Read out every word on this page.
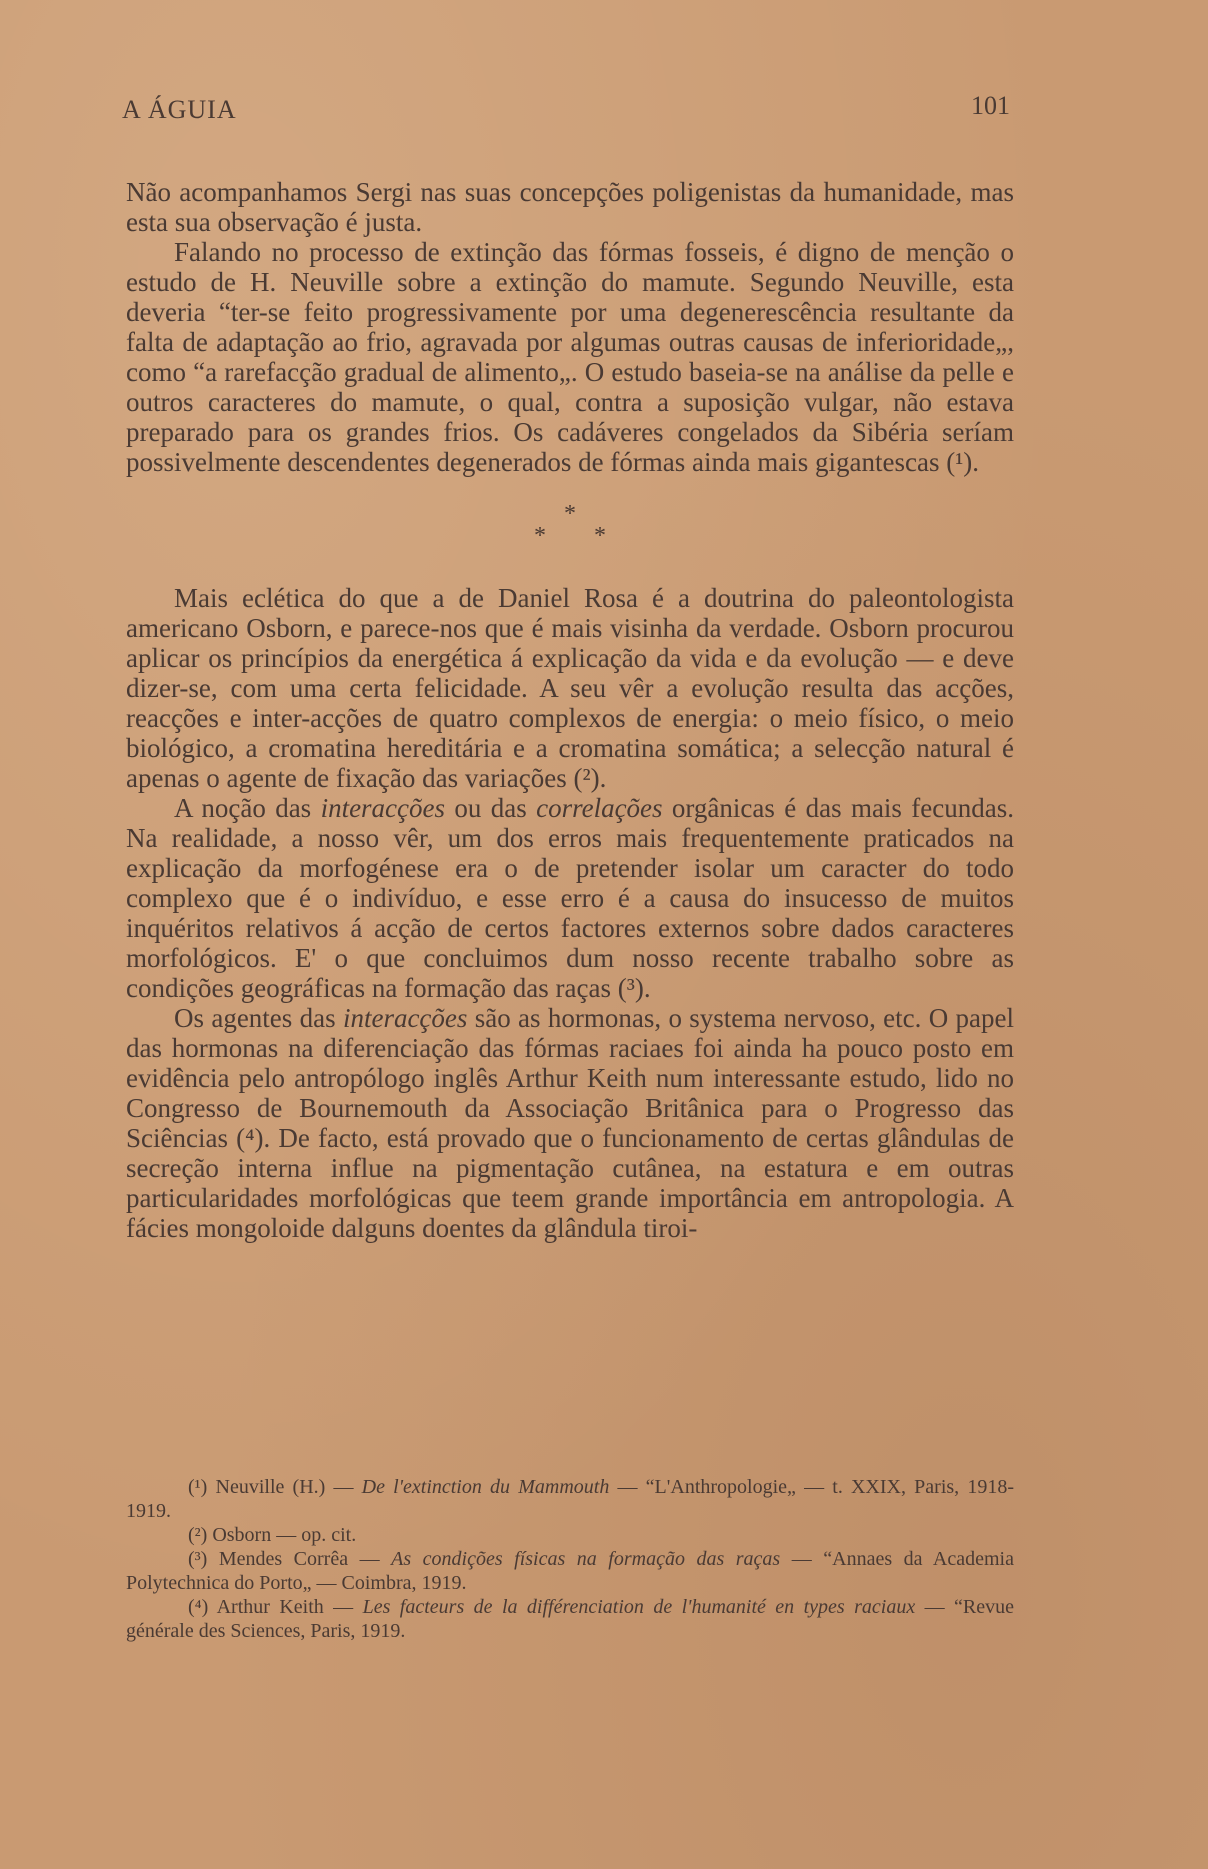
A ÁGUIA	101

Não acompanhamos Sergi nas suas concepções poligenistas da humanidade, mas esta sua observação é justa.

Falando no processo de extinção das fórmas fosseis, é digno de menção o estudo de H. Neuville sobre a extinção do mamute. Segundo Neuville, esta deveria “ter-se feito progressivamente por uma degenerescência resultante da falta de adaptação ao frio, agravada por algumas outras causas de inferioridade„, como “a rarefacção gradual de alimento„. O estudo baseia-se na análise da pelle e outros caracteres do mamute, o qual, contra a suposição vulgar, não estava preparado para os grandes frios. Os cadáveres congelados da Sibéria seríam possivelmente descendentes degenerados de fórmas ainda mais gigantescas (¹).

*
* *

Mais eclética do que a de Daniel Rosa é a doutrina do paleontologista americano Osborn, e parece-nos que é mais visinha da verdade. Osborn procurou aplicar os princípios da energética á explicação da vida e da evolução — e deve dizer-se, com uma certa felicidade. A seu vêr a evolução resulta das acções, reacções e inter-acções de quatro complexos de energia: o meio físico, o meio biológico, a cromatina hereditária e a cromatina somática; a selecção natural é apenas o agente de fixação das variações (²).

A noção das interacções ou das correlações orgânicas é das mais fecundas. Na realidade, a nosso vêr, um dos erros mais frequentemente praticados na explicação da morfogénese era o de pretender isolar um caracter do todo complexo que é o indivíduo, e esse erro é a causa do insucesso de muitos inquéritos relativos á acção de certos factores externos sobre dados caracteres morfológicos. E' o que concluimos dum nosso recente trabalho sobre as condições geográficas na formação das raças (³).

Os agentes das interacções são as hormonas, o systema nervoso, etc. O papel das hormonas na diferenciação das fórmas raciaes foi ainda ha pouco posto em evidência pelo antropólogo inglês Arthur Keith num interessante estudo, lido no Congresso de Bournemouth da Associação Britânica para o Progresso das Sciências (⁴). De facto, está provado que o funcionamento de certas glândulas de secreção interna influe na pigmentação cutânea, na estatura e em outras particularidades morfológicas que teem grande importância em antropologia. A fácies mongoloide dalguns doentes da glândula tiroi-

(¹) Neuville (H.) — De l'extinction du Mammouth — “L'Anthropologie„ — t. XXIX, Paris, 1918-1919.

(²) Osborn — op. cit.

(³) Mendes Corrêa — As condições físicas na formação das raças — “Annaes da Academia Polytechnica do Porto„ — Coimbra, 1919.

(⁴) Arthur Keith — Les facteurs de la différenciation de l'humanité en types raciaux — “Revue générale des Sciences, Paris, 1919.
